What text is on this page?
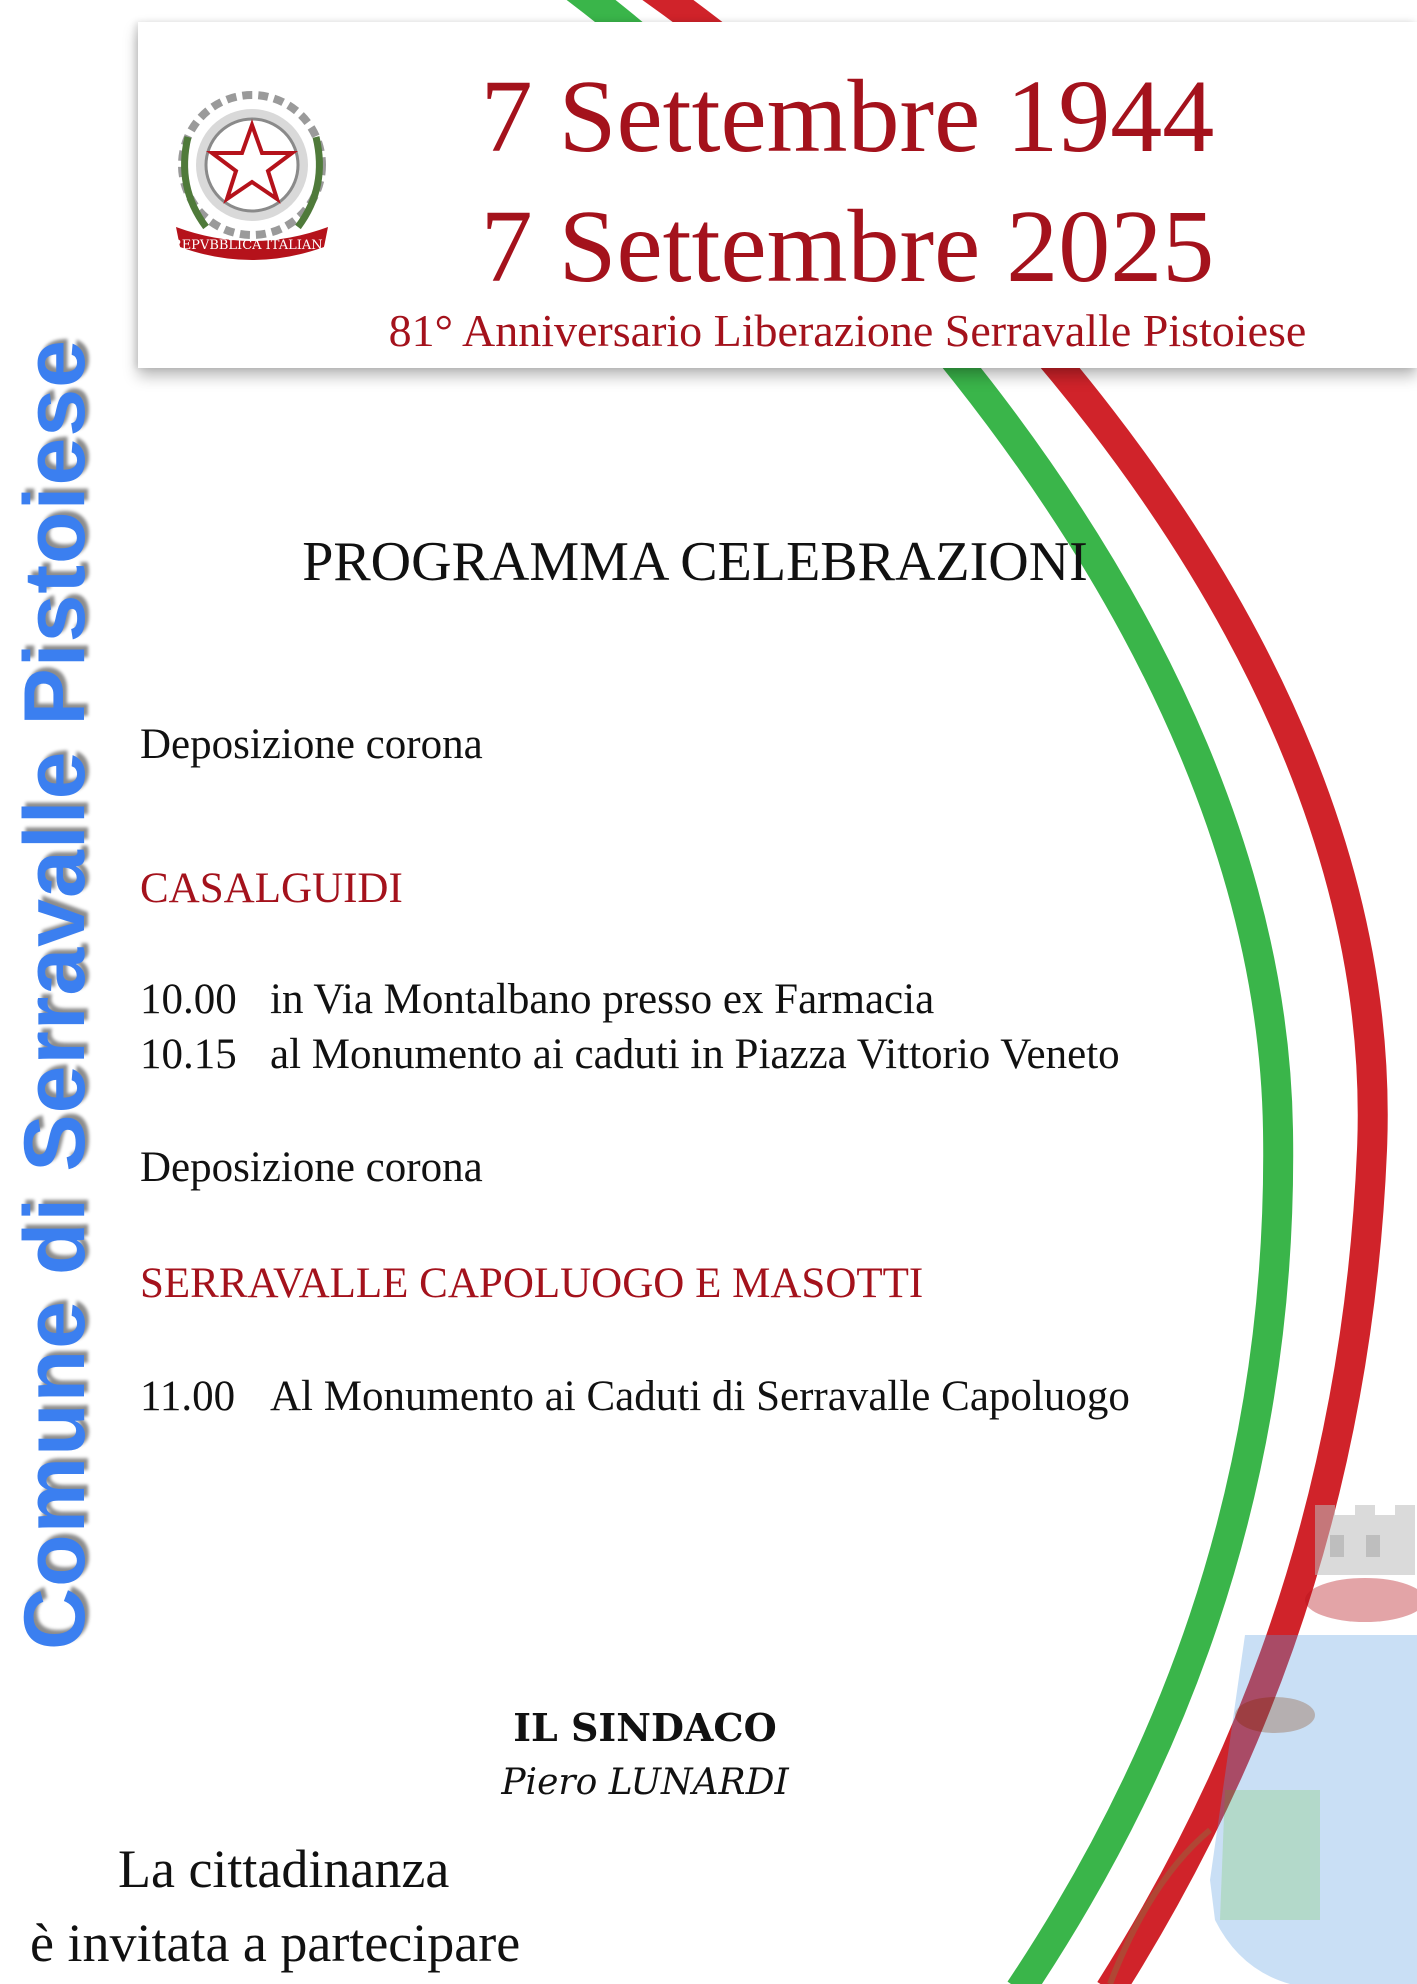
Comune di Serravalle Pistoiese
REPVBBLICA ITALIANA
7 Settembre 1944
7 Settembre 2025
81° Anniversario Liberazione Serravalle Pistoiese
PROGRAMMA CELEBRAZIONI
Deposizione corona
CASALGUIDI
10.00 in Via Montalbano presso ex Farmacia
10.15 al Monumento ai caduti in Piazza Vittorio Veneto
Deposizione corona
SERRAVALLE CAPOLUOGO E MASOTTI
11.00 Al Monumento ai Caduti di Serravalle Capoluogo
IL SINDACO
Piero LUNARDI
La cittadinanza
è invitata a partecipare
